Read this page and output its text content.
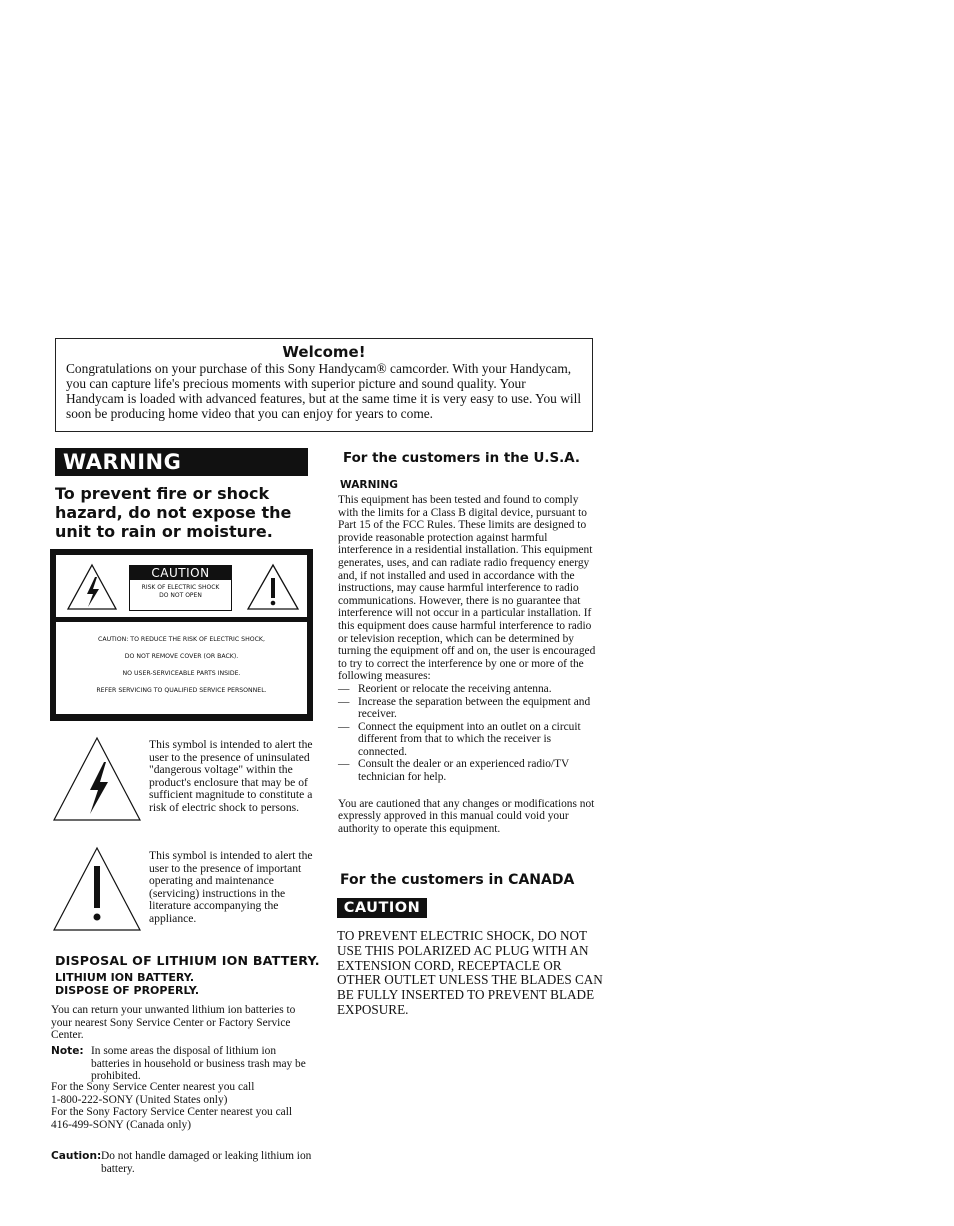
Welcome!
Congratulations on your purchase of this Sony Handycam® camcorder. With your Handycam, you can capture life's precious moments with superior picture and sound quality. Your Handycam is loaded with advanced features, but at the same time it is very easy to use. You will soon be producing home video that you can enjoy for years to come.
WARNING
To prevent fire or shock hazard, do not expose the unit to rain or moisture.
CAUTION
RISK OF ELECTRIC SHOCK
DO NOT OPEN
CAUTION: TO REDUCE THE RISK OF ELECTRIC SHOCK,
DO NOT REMOVE COVER (OR BACK).
NO USER-SERVICEABLE PARTS INSIDE.
REFER SERVICING TO QUALIFIED SERVICE PERSONNEL.
This symbol is intended to alert the user to the presence of uninsulated "dangerous voltage" within the product's enclosure that may be of sufficient magnitude to constitute a risk of electric shock to persons.
This symbol is intended to alert the user to the presence of important operating and maintenance (servicing) instructions in the literature accompanying the appliance.
DISPOSAL OF LITHIUM ION BATTERY.
LITHIUM ION BATTERY.
DISPOSE OF PROPERLY.
You can return your unwanted lithium ion batteries to your nearest Sony Service Center or Factory Service Center.
Note: In some areas the disposal of lithium ion batteries in household or business trash may be prohibited.
For the Sony Service Center nearest you call
1-800-222-SONY (United States only)
For the Sony Factory Service Center nearest you call
416-499-SONY (Canada only)
Caution: Do not handle damaged or leaking lithium ion battery.
For the customers in the U.S.A.
WARNING
This equipment has been tested and found to comply with the limits for a Class B digital device, pursuant to Part 15 of the FCC Rules. These limits are designed to provide reasonable protection against harmful interference in a residential installation. This equipment generates, uses, and can radiate radio frequency energy and, if not installed and used in accordance with the instructions, may cause harmful interference to radio communications. However, there is no guarantee that interference will not occur in a particular installation. If this equipment does cause harmful interference to radio or television reception, which can be determined by turning the equipment off and on, the user is encouraged to try to correct the interference by one or more of the following measures:
— Reorient or relocate the receiving antenna.
— Increase the separation between the equipment and receiver.
— Connect the equipment into an outlet on a circuit different from that to which the receiver is connected.
— Consult the dealer or an experienced radio/TV technician for help.
You are cautioned that any changes or modifications not expressly approved in this manual could void your authority to operate this equipment.
For the customers in CANADA
CAUTION
TO PREVENT ELECTRIC SHOCK, DO NOT USE THIS POLARIZED AC PLUG WITH AN EXTENSION CORD, RECEPTACLE OR OTHER OUTLET UNLESS THE BLADES CAN BE FULLY INSERTED TO PREVENT BLADE EXPOSURE.
